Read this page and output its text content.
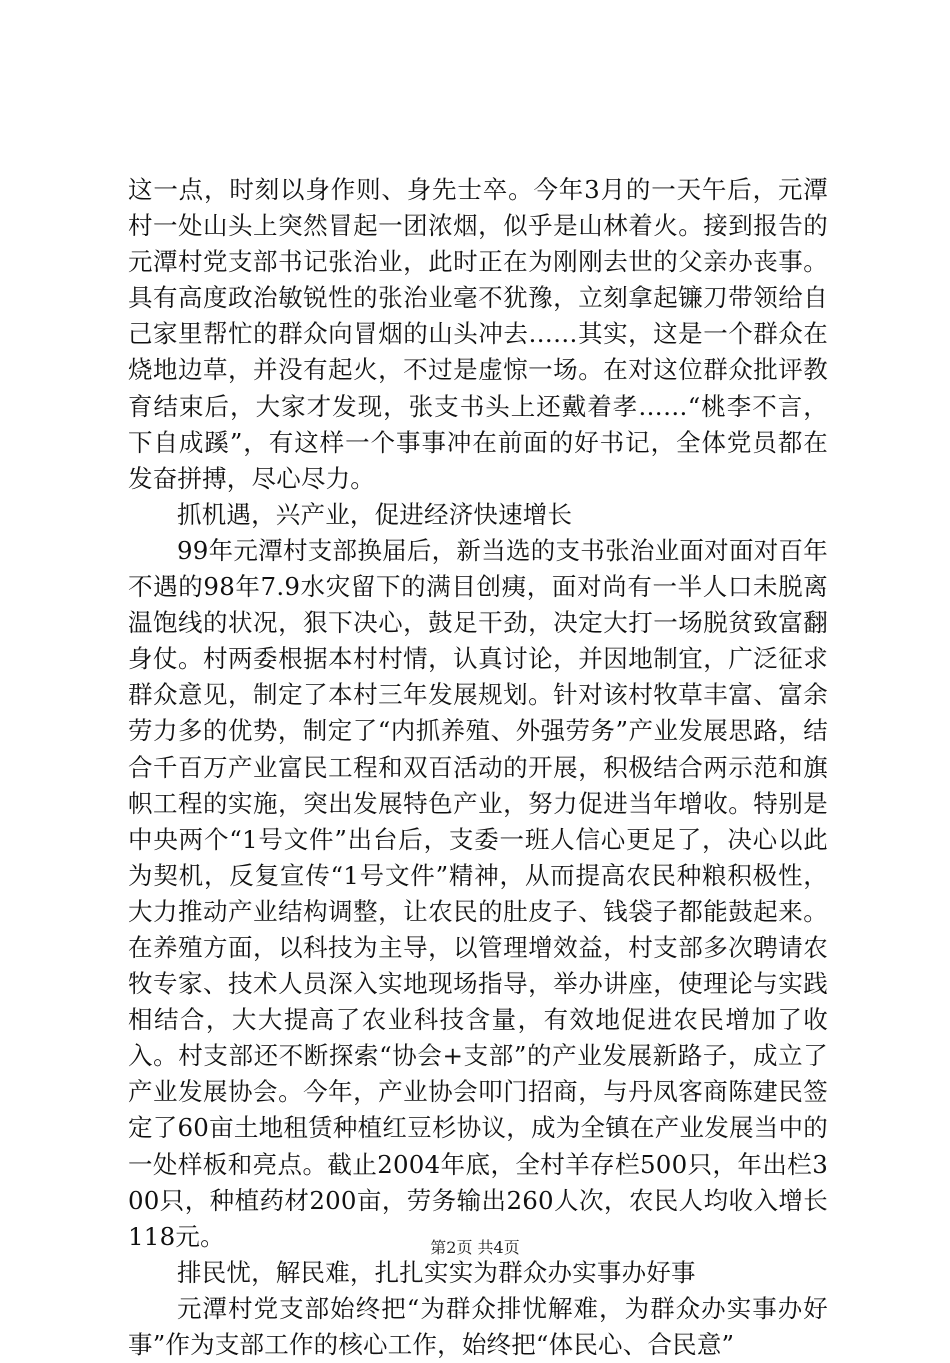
这一点，时刻以身作则、身先士卒。今年3月的一天午后，元潭村一处山头上突然冒起一团浓烟，似乎是山林着火。接到报告的元潭村党支部书记张治业，此时正在为刚刚去世的父亲办丧事。具有高度政治敏锐性的张治业毫不犹豫，立刻拿起镰刀带领给自己家里帮忙的群众向冒烟的山头冲去……其实，这是一个群众在烧地边草，并没有起火，不过是虚惊一场。在对这位群众批评教育结束后，大家才发现，张支书头上还戴着孝……“桃李不言，下自成蹊”，有这样一个事事冲在前面的好书记，全体党员都在发奋拼搏，尽心尽力。

抓机遇，兴产业，促进经济快速增长

99年元潭村支部换届后，新当选的支书张治业面对面对百年不遇的98年7.9水灾留下的满目创痍，面对尚有一半人口未脱离温饱线的状况，狠下决心，鼓足干劲，决定大打一场脱贫致富翻身仗。村两委根据本村村情，认真讨论，并因地制宜，广泛征求群众意见，制定了本村三年发展规划。针对该村牧草丰富、富余劳力多的优势，制定了“内抓养殖、外强劳务”产业发展思路，结合千百万产业富民工程和双百活动的开展，积极结合两示范和旗帜工程的实施，突出发展特色产业，努力促进当年增收。特别是中央两个“1号文件”出台后，支委一班人信心更足了，决心以此为契机，反复宣传“1号文件”精神，从而提高农民种粮积极性，大力推动产业结构调整，让农民的肚皮子、钱袋子都能鼓起来。在养殖方面，以科技为主导，以管理增效益，村支部多次聘请农牧专家、技术人员深入实地现场指导，举办讲座，使理论与实践相结合，大大提高了农业科技含量，有效地促进农民增加了收入。村支部还不断探索“协会+支部”的产业发展新路子，成立了产业发展协会。今年，产业协会叩门招商，与丹凤客商陈建民签定了60亩土地租赁种植红豆杉协议，成为全镇在产业发展当中的一处样板和亮点。截止2004年底，全村羊存栏500只，年出栏300只，种植药材200亩，劳务输出260人次，农民人均收入增长118元。

排民忧，解民难，扎扎实实为群众办实事办好事

元潭村党支部始终把“为群众排忧解难，为群众办实事办好事”作为支部工作的核心工作，始终把“体民心、合民意”

第2页 共4页
